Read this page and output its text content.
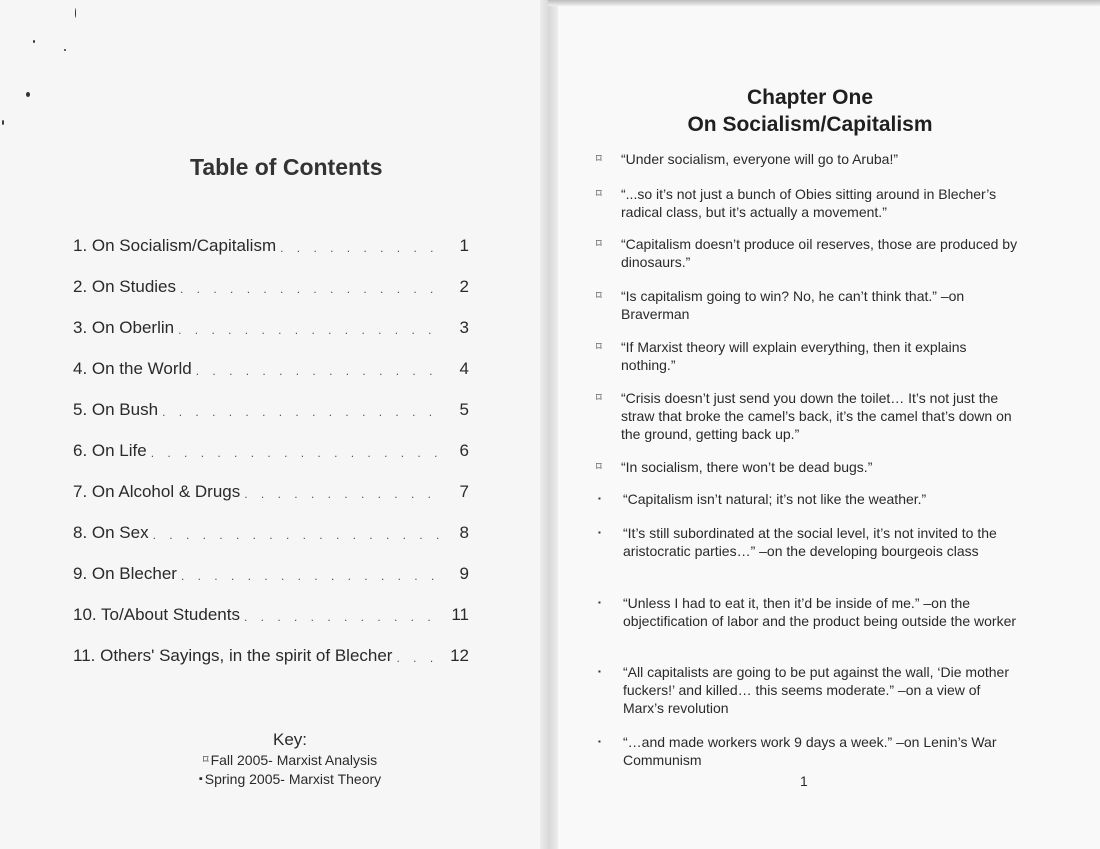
Table of Contents
1. On Socialism/Capitalism . . .	1
2. On Studies . . .	2
3. On Oberlin . . .	3
4. On the World . . .	4
5. On Bush . . .	5
6. On Life . . .	6
7. On Alcohol & Drugs . . .	7
8. On Sex . . .	8
9. On Blecher . . .	9
10. To/About Students . . .	11
11. Others' Sayings, in the spirit of Blecher . . .	12
Key:
⌑ Fall 2005- Marxist Analysis
▪ Spring 2005- Marxist Theory
Chapter One
On Socialism/Capitalism
⌑	“Under socialism, everyone will go to Aruba!”
⌑	“...so it’s not just a bunch of Obies sitting around in Blecher’s radical class, but it’s actually a movement.”
⌑	“Capitalism doesn’t produce oil reserves, those are produced by dinosaurs.”
⌑	“Is capitalism going to win? No, he can’t think that.” –on Braverman
⌑	“If Marxist theory will explain everything, then it explains nothing.”
⌑	“Crisis doesn’t just send you down the toilet… It’s not just the straw that broke the camel’s back, it’s the camel that’s down on the ground, getting back up.”
⌑	“In socialism, there won’t be dead bugs.”
▪	“Capitalism isn’t natural; it’s not like the weather.”
▪	“It’s still subordinated at the social level, it’s not invited to the aristocratic parties…” –on the developing bourgeois class
▪	“Unless I had to eat it, then it’d be inside of me.” –on the objectification of labor and the product being outside the worker
▪	“All capitalists are going to be put against the wall, ‘Die mother fuckers!’ and killed… this seems moderate.” –on a view of Marx’s revolution
▪	“…and made workers work 9 days a week.” –on Lenin’s War Communism
1
